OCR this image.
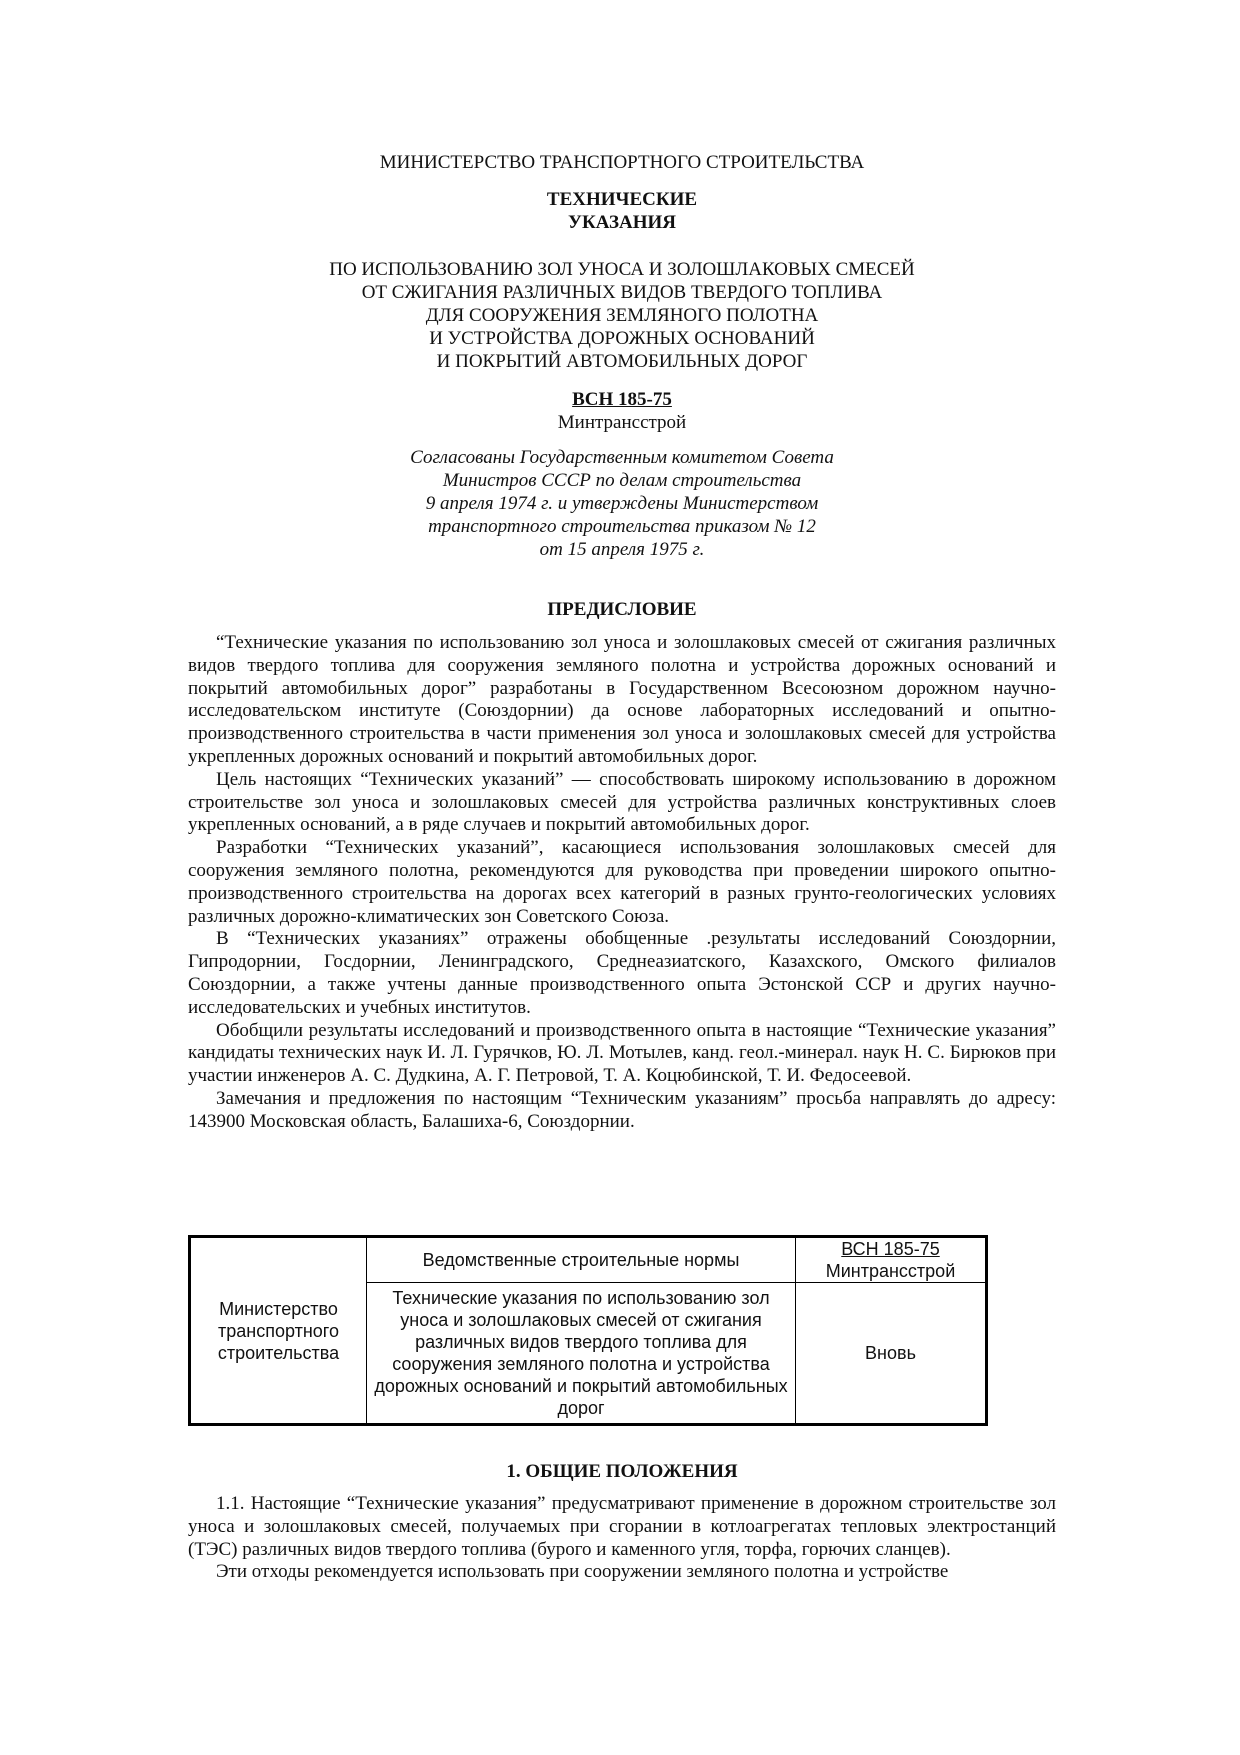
МИНИСТЕРСТВО ТРАНСПОРТНОГО СТРОИТЕЛЬСТВА
ТЕХНИЧЕСКИЕ
УКАЗАНИЯ
ПО ИСПОЛЬЗОВАНИЮ ЗОЛ УНОСА И ЗОЛОШЛАКОВЫХ СМЕСЕЙ
ОТ СЖИГАНИЯ РАЗЛИЧНЫХ ВИДОВ ТВЕРДОГО ТОПЛИВА
ДЛЯ СООРУЖЕНИЯ ЗЕМЛЯНОГО ПОЛОТНА
И УСТРОЙСТВА ДОРОЖНЫХ ОСНОВАНИЙ
И ПОКРЫТИЙ АВТОМОБИЛЬНЫХ ДОРОГ
ВСН 185-75
Минтрансстрой
Согласованы Государственным комитетом Совета
Министров СССР по делам строительства
9 апреля 1974 г. и утверждены Министерством
транспортного строительства приказом № 12
от 15 апреля 1975 г.
ПРЕДИСЛОВИЕ

“Технические указания по использованию зол уноса и золошлаковых смесей от сжигания различных видов твердого топлива для сооружения земляного полотна и устройства дорожных оснований и покрытий автомобильных дорог” разработаны в Государственном Всесоюзном дорожном научно-исследовательском институте (Союздорнии) да основе лабораторных исследований и опытно-производственного строительства в части применения зол уноса и золошлаковых смесей для устройства укрепленных дорожных оснований и покрытий автомобильных дорог.

Цель настоящих “Технических указаний” — способствовать широкому использованию в дорожном строительстве зол уноса и золошлаковых смесей для устройства различных конструктивных слоев укрепленных оснований, а в ряде случаев и покрытий автомобильных дорог.

Разработки “Технических указаний”, касающиеся использования золошлаковых смесей для сооружения земляного полотна, рекомендуются для руководства при проведении широкого опытно-производственного строительства на дорогах всех категорий в разных грунто-геологических условиях различных дорожно-климатических зон Советского Союза.

В “Технических указаниях” отражены обобщенные .результаты исследований Союздорнии, Гипродорнии, Госдорнии, Ленинградского, Среднеазиатского, Казахского, Омского филиалов Союздорнии, а также учтены данные производственного опыта Эстонской ССР и других научно-исследовательских и учебных институтов.

Обобщили результаты исследований и производственного опыта в настоящие “Технические указания” кандидаты технических наук И. Л. Гурячков, Ю. Л. Мотылев, канд. геол.-минерал. наук Н. С. Бирюков при участии инженеров А. С. Дудкина, А. Г. Петровой, Т. А. Коцюбинской, Т. И. Федосеевой.

Замечания и предложения по настоящим “Техническим указаниям” просьба направлять до адресу: 143900 Московская область, Балашиха-6, Союздорнии.

Министерство
транспортного
строительства	Ведомственные строительные нормы	ВСН 185-75
Минтрансстрой

	Технические указания по использованию зол уноса и золошлаковых смесей от сжигания различных видов твердого топлива для сооружения земляного полотна и устройства дорожных оснований и покрытий автомобильных дорог	Вновь
1. ОБЩИЕ ПОЛОЖЕНИЯ

1.1. Настоящие “Технические указания” предусматривают применение в дорожном строительстве зол уноса и золошлаковых смесей, получаемых при сгорании в котлоагрегатах тепловых электростанций (ТЭС) различных видов твердого топлива (бурого и каменного угля, торфа, горючих сланцев).

Эти отходы рекомендуется использовать при сооружении земляного полотна и устройстве
